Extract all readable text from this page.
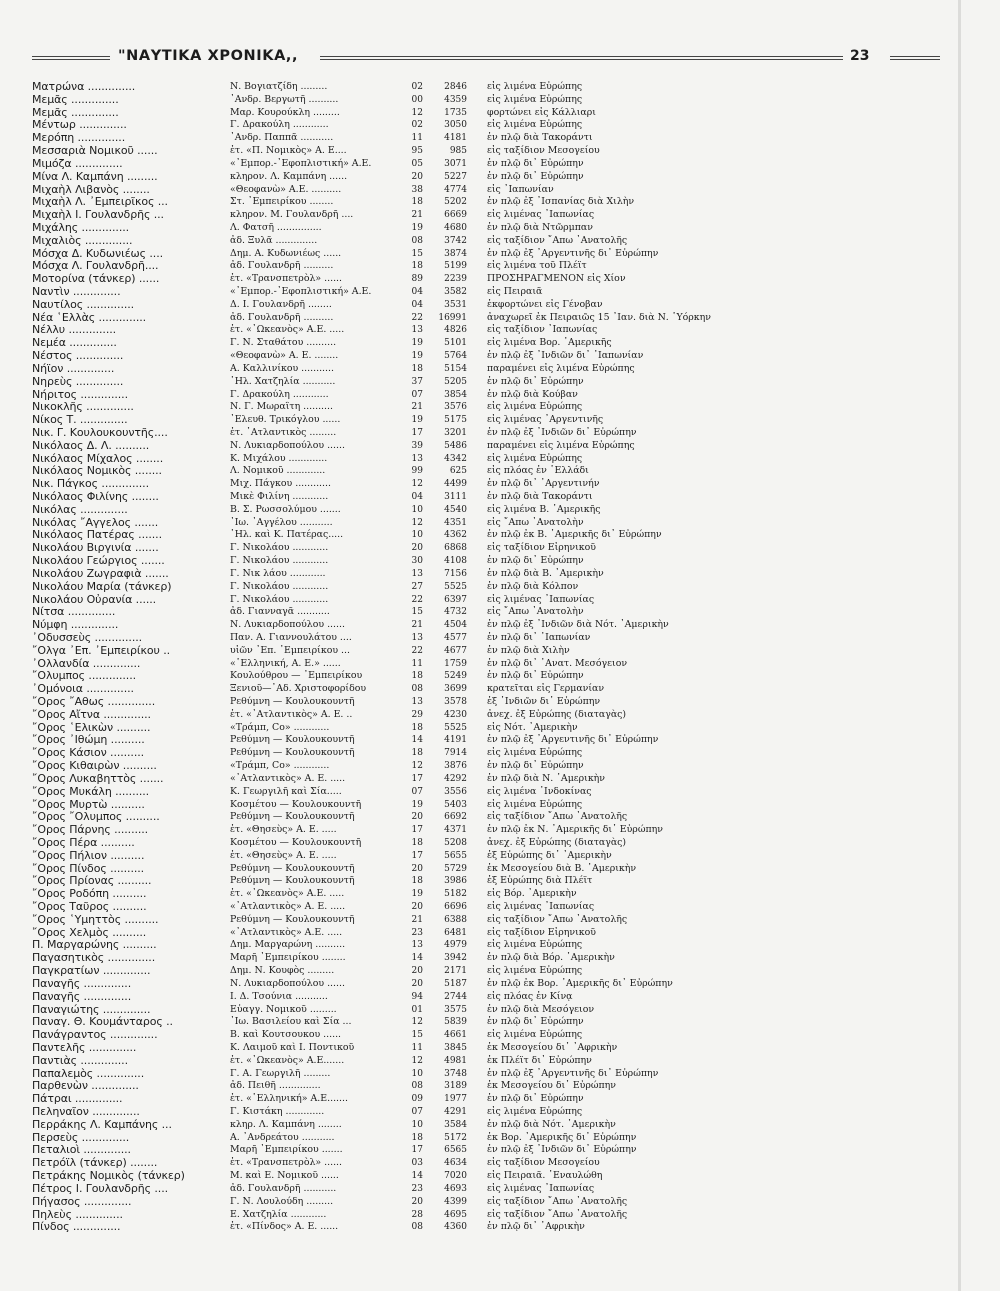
"ΝΑΥΤΙΚΑ ΧΡΟΝΙΚΑ,,	23
Ματρώνα ..............	Ν. Βογιατζίδη .........	02	2846 εἰς λιμένα Εὐρώπης
Μεμᾶς ..............	᾿Ανδρ. Βεργωτῆ ..........	00	4359 εἰς λιμένα Εὐρώπης
Μεμᾶς ..............	Μαρ. Κουρούκλη .........	12	1735 φορτώνει εἰς Κάλλιαρι
Μέντωρ ..............	Γ. Δρακούλη ............	02	3050 εἰς λιμένα Εὐρώπης
Μερόπη ..............	᾿Ανδρ. Παππᾶ ...........	11	4181 ἐν πλῷ διὰ Τακοράντι
Μεσσαριὰ Νομικοῦ ......	ἑτ. «Π. Νομικὸς» Α. Ε....	95	985 εἰς ταξίδιον Μεσογείου
Μιμόζα ..............	«᾿Εμπορ.-᾿Εφοπλιστική» Α.Ε.	05	3071 ἐν πλῷ δι᾿ Εὐρώπην
Μίνα Λ. Καμπάνη .........	κληρον. Λ. Καμπάνη ......	20	5227 ἐν πλῷ δι᾿ Εὐρώπην
Μιχαὴλ Λιβανὸς ........	«Θεοφανὼ» Α.Ε. ..........	38	4774 εἰς ᾿Ιαπωνίαν
Μιχαὴλ Λ. ᾿Εμπειρῖκος ...	Στ. ᾿Εμπειρίκου ........	18	5202 ἐν πλῷ ἐξ ᾿Ισπανίας διὰ Χιλὴν
Μιχαὴλ Ι. Γουλανδρῆς ...	κληρον. Μ. Γουλανδρῆ ....	21	6669 εἰς λιμένας ᾿Ιαπωνίας
Μιχάλης ..............	Λ. Φατσῆ ...............	19	4680 ἐν πλῷ διὰ Ντῶρμπαν
Μιχαλιὸς ..............	ἀδ. Ξυλᾶ ..............	08	3742 εἰς ταξίδιον ῎Απω ᾿Ανατολῆς
Μόσχα Δ. Κυδωνιέως ....	Δημ. Α. Κυδωνιέως ......	15	3874 ἐν πλῷ ἐξ ᾿Αργεντινῆς δι᾿ Εὐρώπην
Μόσχα Λ. Γουλανδρῆ....	ἀδ. Γουλανδρῆ ..........	18	5199 εἰς λιμένα τοῦ Πλέϊτ
Μοτορίνα (τάνκερ) ......	ἑτ. «Τρανσπετρὸλ» ......	89	2239 ΠΡΟΣΗΡΑΓΜΕΝΟΝ εἰς Χίον
Ναντὶν ..............	«᾿Εμπορ.-᾿Εφοπλιστική» Α.Ε.	04	3582 εἰς Πειραιᾶ
Ναυτίλος ..............	Δ. Ι. Γουλανδρῆ ........	04	3531 ἐκφορτώνει εἰς Γένοβαν
Νέα ῾Ελλὰς ..............	ἀδ. Γουλανδρῆ ..........	22	16991 ἀναχωρεῖ ἐκ Πειραιῶς 15 ᾿Ιαν. διὰ Ν. ῾Υόρκην
Νέλλυ ..............	ἑτ. «᾿Ωκεανὸς» Α.Ε. .....	13	4826 εἰς ταξίδιον ᾿Ιαπωνίας
Νεμέα ..............	Γ. Ν. Σταθάτου ..........	19	5101 εἰς λιμένα Βορ. ᾿Αμερικῆς
Νέστος ..............	«Θεοφανὼ» Α. Ε. ........	19	5764 ἐν πλῷ ἐξ ᾿Ινδιῶν δι᾿ ᾿Ιαπωνίαν
Νήϊον ..............	Α. Καλλινίκου ...........	18	5154 παραμένει εἰς λιμένα Εὐρώπης
Νηρεὺς ..............	῾Ηλ. Χατζηλία ...........	37	5205 ἐν πλῷ δι᾿ Εὐρώπην
Νήριτος ..............	Γ. Δρακούλη ............	07	3854 ἐν πλῷ διὰ Κούβαν
Νικοκλῆς ..............	Ν. Γ. Μωραΐτη ..........	21	3576 εἰς λιμένα Εὐρώπης
Νίκος Τ. ..............	᾿Ελευθ. Τρικόγλου ......	19	5175 εἰς λιμένας ᾿Αργεντινῆς
Νικ. Γ. Κουλουκουντῆς....	ἑτ. ᾿Ατλαντικὸς .........	17	3201 ἐν πλῷ ἐξ ᾿Ινδιῶν δι᾿ Εὐρώπην
Νικόλαος Δ. Λ. ..........	Ν. Λυκιαρδοπούλου ......	39	5486 παραμένει εἰς λιμένα Εὐρώπης
Νικόλαος Μίχαλος ........	Κ. Μιχάλου .............	13	4342 εἰς λιμένα Εὐρώπης
Νικόλαος Νομικὸς ........	Λ. Νομικοῦ .............	99	625 εἰς πλόας ἐν ῾Ελλάδι
Νικ. Πάγκος ..............	Μιχ. Πάγκου ............	12	4499 ἐν πλῷ δι᾿ ᾿Αργεντινήν
Νικόλαος Φιλίνης ........	Μικὲ Φιλίνη ............	04	3111 ἐν πλῷ διὰ Τακοράντι
Νικόλας ..............	Β. Σ. Ρωσσολύμου .......	10	4540 εἰς λιμένα Β. ᾿Αμερικῆς
Νικόλας ῎Αγγελος .......	᾿Ιω. ᾿Αγγέλου ...........	12	4351 εἰς ῎Απω ᾿Ανατολὴν
Νικόλαος Πατέρας .......	῾Ηλ. καὶ Κ. Πατέρας.....	10	4362 ἐν πλῷ ἐκ Β. ᾿Αμερικῆς δι᾿ Εὐρώπην
Νικολάου Βιργινία .......	Γ. Νικολάου ............	20	6868 εἰς ταξίδιον Εἰρηνικοῦ
Νικολάου Γεώργιος .......	Γ. Νικολάου ............	30	4108 ἐν πλῷ δι᾿ Εὐρώπην
Νικολάου Ζωγραφιὰ .......	Γ. Νικ λάου ............	13	7156 ἐν πλῷ διὰ Β. ᾿Αμερικὴν
Νικολάου Μαρία (τάνκερ)	Γ. Νικολάου ............	27	5525 ἐν πλῷ διὰ Κόλπον
Νικολάου Οὐρανία ......	Γ. Νικολάου ............	22	6397 εἰς λιμένας ᾿Ιαπωνίας
Νίτσα ..............	ἀδ. Γιανναγᾶ ...........	15	4732 εἰς ῎Απω ᾿Ανατολὴν
Νύμφη ..............	Ν. Λυκιαρδοπούλου ......	21	4504 ἐν πλῷ ἐξ ᾿Ινδιῶν διὰ Νότ. ᾿Αμερικὴν
᾿Οδυσσεὺς ..............	Παν. Α. Γιαννουλάτου ....	13	4577 ἐν πλῷ δι᾿ ᾿Ιαπωνίαν
῎Ολγα ᾿Επ. ᾿Εμπειρίκου ..	υἱῶν ᾿Επ. ᾿Εμπειρίκου ...	22	4677 ἐν πλῷ διὰ Χιλὴν
᾿Ολλανδία ..............	«῾Ελληνική, Α. Ε.» ......	11	1759 ἐν πλῷ δι᾿ ᾿Ανατ. Μεσόγειον
῎Ολυμπος ..............	Κουλούθρου — ᾿Εμπειρίκου	18	5249 ἐν πλῷ δι᾿ Εὐρώπην
᾿Ομόνοια ..............	Ξενιοῦ—᾿Αδ. Χριστοφορίδου	08	3699 κρατεῖται εἰς Γερμανίαν
῎Ορος ῎Αθως ..............	Ρεθύμνη — Κουλουκουντῆ	13	3578 ἐξ ᾿Ινδιῶν δι᾿ Εὐρώπην
῎Ορος Αἴτνα ..............	ἑτ. «᾿Ατλαντικὸς» Α. Ε. ..	29	4230 ἀνεχ. ἐξ Εὐρώπης (διαταγὰς)
῎Ορος ῾Ελικὼν ..........	«Τράμπ, Co» ............	18	5525 εἰς Νότ. ᾿Αμερικὴν
῎Ορος ᾿Ιθώμη ..........	Ρεθύμνη — Κουλουκουντῆ	14	4191 ἐν πλῷ ἐξ ᾿Αργεντινῆς δι᾿ Εὐρώπην
῎Ορος Κάσιον ..........	Ρεθύμνη — Κουλουκουντῆ	18	7914 εἰς λιμένα Εὐρώπης
῎Ορος Κιθαιρὼν ..........	«Τράμπ, Co» ............	12	3876 ἐν πλῷ δι᾿ Εὐρώπην
῎Ορος Λυκαβηττὸς .......	«᾿Ατλαντικὸς» Α. Ε. .....	17	4292 ἐν πλῷ διὰ Ν. ᾿Αμερικὴν
῎Ορος Μυκάλη ..........	Κ. Γεωργιλῆ καὶ Σία.....	07	3556 εἰς λιμένα ᾿Ινδοκίνας
῎Ορος Μυρτὼ ..........	Κοσμέτου — Κουλουκουντῆ	19	5403 εἰς λιμένα Εὐρώπης
῎Ορος ῎Ολυμπος ..........	Ρεθύμνη — Κουλουκουντῆ	20	6692 εἰς ταξίδιον ῎Απω ᾿Ανατολῆς
῎Ορος Πάρνης ..........	ἑτ. «Θησεὺς» Α. Ε. .....	17	4371 ἐν πλῷ ἐκ Ν. ᾿Αμερικῆς δι᾿ Εὐρώπην
῎Ορος Πέρα ..........	Κοσμέτου — Κουλουκουντῆ	18	5208 ἀνεχ. ἐξ Εὐρώπης (διαταγὰς)
῎Ορος Πήλιον ..........	ἑτ. «Θησεὺς» Α. Ε. .....	17	5655 ἐξ Εὐρώπης δι᾿ ᾿Αμερικὴν
῎Ορος Πίνδος ..........	Ρεθύμνη — Κουλουκουντῆ	20	5729 ἐκ Μεσογείου διὰ Β. ᾿Αμερικὴν
῎Ορος Πρίονας ..........	Ρεθύμνη — Κουλουκουντῆ	18	3986 ἐξ Εὐρώπης διὰ Πλέϊτ
῎Ορος Ροδόπη ..........	ἑτ. «᾿Ωκεανὸς» Α.Ε. .....	19	5182 εἰς Βόρ. ᾿Αμερικὴν
῎Ορος Ταῦρος ..........	«᾿Ατλαντικὸς» Α. Ε. .....	20	6696 εἰς λιμένας ᾿Ιαπωνίας
῎Ορος ῾Υμηττὸς ..........	Ρεθύμνη — Κουλουκουντῆ	21	6388 εἰς ταξίδιον ῎Απω ᾿Ανατολῆς
῎Ορος Χελμὸς ..........	«᾿Ατλαντικὸς» Α.Ε. .....	23	6481 εἰς ταξίδιον Εἰρηνικοῦ
Π. Μαργαρώνης ..........	Δημ. Μαργαρώνη ..........	13	4979 εἰς λιμένα Εὐρώπης
Παγασητικὸς ..............	Μαρῆ ᾿Εμπειρίκου ........	14	3942 ἐν πλῷ διὰ Βόρ. ᾿Αμερικὴν
Παγκρατίων ..............	Δημ. Ν. Κουφὸς .........	20	2171 εἰς λιμένα Εὐρώπης
Παναγῆς ..............	Ν. Λυκιαρδοπούλου ......	20	5187 ἐν πλῷ ἐκ Βορ. ᾿Αμερικῆς δι᾿ Εὐρώπην
Παναγῆς ..............	Ι. Δ. Τσούνια ...........	94	2744 εἰς πλόας ἐν Κίνᾳ
Παναγιώτης ..............	Εὐαγγ. Νομικοῦ .........	01	3575 ἐν πλῷ διὰ Μεσόγειον
Παναγ. Θ. Κουμάνταρος ..	᾿Ιω. Βασιλείου καὶ Σία ...	12	5839 ἐν πλῷ δι᾿ Εὐρώπην
Πανάγραντος ..............	Β. καὶ Κουτσουκου ......	15	4661 εἰς λιμένα Εὐρώπης
Παντελῆς ..............	Κ. Λαιμοῦ καὶ Ι. Ποντικοῦ	11	3845 ἐκ Μεσογείου δι᾿ ᾿Αφρικὴν
Παντιὰς ..............	ἑτ. «᾿Ωκεανὸς» Α.Ε.......	12	4981 ἐκ Πλέϊτ δι᾿ Εὐρώπην
Παπαλεμὸς ..............	Γ. Α. Γεωργιλῆ .........	10	3748 ἐν πλῷ ἐξ ᾿Αργεντινῆς δι᾿ Εὐρώπην
Παρθενὼν ..............	ἀδ. Πειθῆ ..............	08	3189 ἐκ Μεσογείου δι᾿ Εὐρώπην
Πάτραι ..............	ἑτ. «῾Ελληνική» Α.Ε.......	09	1977 ἐν πλῷ δι᾿ Εὐρώπην
Πεληναῖον ..............	Γ. Κιστάκη .............	07	4291 εἰς λιμένα Εὐρώπης
Περράκης Λ. Καμπάνης ...	κληρ. Λ. Καμπάνη ........	10	3584 ἐν πλῷ διὰ Νότ. ᾿Αμερικὴν
Περσεὺς ..............	Α. ᾿Ανδρεάτου ...........	18	5172 ἐκ Βορ. ᾿Αμερικῆς δι᾿ Εὐρώπην
Πεταλιοὶ ..............	Μαρῆ ᾿Εμπειρίκου .......	17	6565 ἐν πλῷ ἐξ ᾿Ινδιῶν δι᾿ Εὐρώπην
Πετρόϊλ (τάνκερ) ........	ἑτ. «Τρανσπετρὸλ» ......	03	4634 εἰς ταξίδιον Μεσογείου
Πετράκης Νομικὸς (τάνκερ)	Μ. καὶ Ε. Νομικοῦ ......	14	7020 εἰς Πειραιᾶ. ᾿Εναυλώθη
Πέτρος Ι. Γουλανδρῆς ....	ἀδ. Γουλανδρῆ ...........	23	4693 εἰς λιμένας ᾿Ιαπωνίας
Πήγασος ..............	Γ. Ν. Λουλούδη .........	20	4399 εἰς ταξίδιον ῎Απω ᾿Ανατολῆς
Πηλεὺς ..............	Ε. Χατζηλία ............	28	4695 εἰς ταξίδιον ῎Απω ᾿Ανατολῆς
Πίνδος ..............	ἑτ. «Πίνδος» Α. Ε. ......	08	4360 ἐν πλῷ δι᾿ ᾿Αφρικὴν
